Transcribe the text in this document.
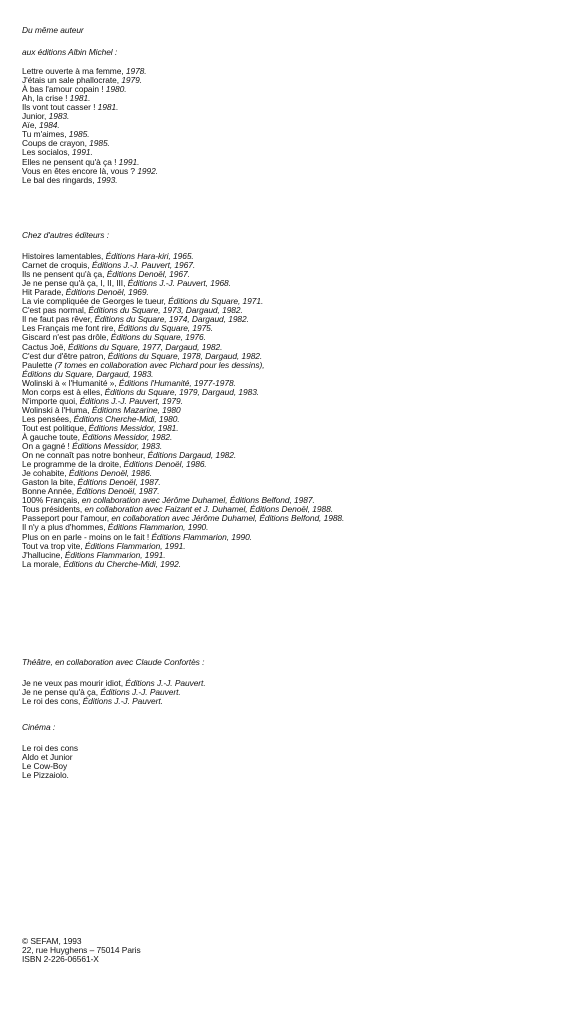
Du même auteur
aux éditions Albin Michel :
Lettre ouverte à ma femme, 1978.
J'étais un sale phallocrate, 1979.
À bas l'amour copain ! 1980.
Ah, la crise ! 1981.
Ils vont tout casser ! 1981.
Junior, 1983.
Aïe, 1984.
Tu m'aimes, 1985.
Coups de crayon, 1985.
Les socialos, 1991.
Elles ne pensent qu'à ça ! 1991.
Vous en êtes encore là, vous ? 1992.
Le bal des ringards, 1993.
Chez d'autres éditeurs :
Histoires lamentables, Éditions Hara-kiri, 1965.
Carnet de croquis, Éditions J.-J. Pauvert, 1967.
Ils ne pensent qu'à ça, Éditions Denoël, 1967.
Je ne pense qu'à ça, I, II, III, Éditions J.-J. Pauvert, 1968.
Hit Parade, Éditions Denoël, 1969.
La vie compliquée de Georges le tueur, Éditions du Square, 1971.
C'est pas normal, Éditions du Square, 1973, Dargaud, 1982.
Il ne faut pas rêver, Éditions du Square, 1974, Dargaud, 1982.
Les Français me font rire, Éditions du Square, 1975.
Giscard n'est pas drôle, Éditions du Square, 1976.
Cactus Joë, Éditions du Square, 1977, Dargaud, 1982.
C'est dur d'être patron, Éditions du Square, 1978, Dargaud, 1982.
Paulette (7 tomes en collaboration avec Pichard pour les dessins),
Éditions du Square, Dargaud, 1983.
Wolinski à « l'Humanité », Éditions l'Humanité, 1977-1978.
Mon corps est à elles, Éditions du Square, 1979, Dargaud, 1983.
N'importe quoi, Éditions J.-J. Pauvert, 1979.
Wolinski à l'Huma, Éditions Mazarine, 1980
Les pensées, Éditions Cherche-Midi, 1980.
Tout est politique, Éditions Messidor, 1981.
À gauche toute, Éditions Messidor, 1982.
On a gagné ! Éditions Messidor, 1983.
On ne connaît pas notre bonheur, Éditions Dargaud, 1982.
Le programme de la droite, Éditions Denoël, 1986.
Je cohabite, Éditions Denoël, 1986.
Gaston la bite, Éditions Denoël, 1987.
Bonne Année, Éditions Denoël, 1987.
100% Français, en collaboration avec Jérôme Duhamel, Éditions Belfond, 1987.
Tous présidents, en collaboration avec Faizant et J. Duhamel, Éditions Denoël, 1988.
Passeport pour l'amour, en collaboration avec Jérôme Duhamel, Éditions Belfond, 1988.
Il n'y a plus d'hommes, Éditions Flammarion, 1990.
Plus on en parle - moins on le fait ! Éditions Flammarion, 1990.
Tout va trop vite, Éditions Flammarion, 1991.
J'hallucine, Éditions Flammarion, 1991.
La morale, Éditions du Cherche-Midi, 1992.
Théâtre, en collaboration avec Claude Confortès :
Je ne veux pas mourir idiot, Éditions J.-J. Pauvert.
Je ne pense qu'à ça, Éditions J.-J. Pauvert.
Le roi des cons, Éditions J.-J. Pauvert.
Cinéma :
Le roi des cons
Aldo et Junior
Le Cow-Boy
Le Pizzaiolo.
© SEFAM, 1993
22, rue Huyghens – 75014 Paris
ISBN 2-226-06561-X
